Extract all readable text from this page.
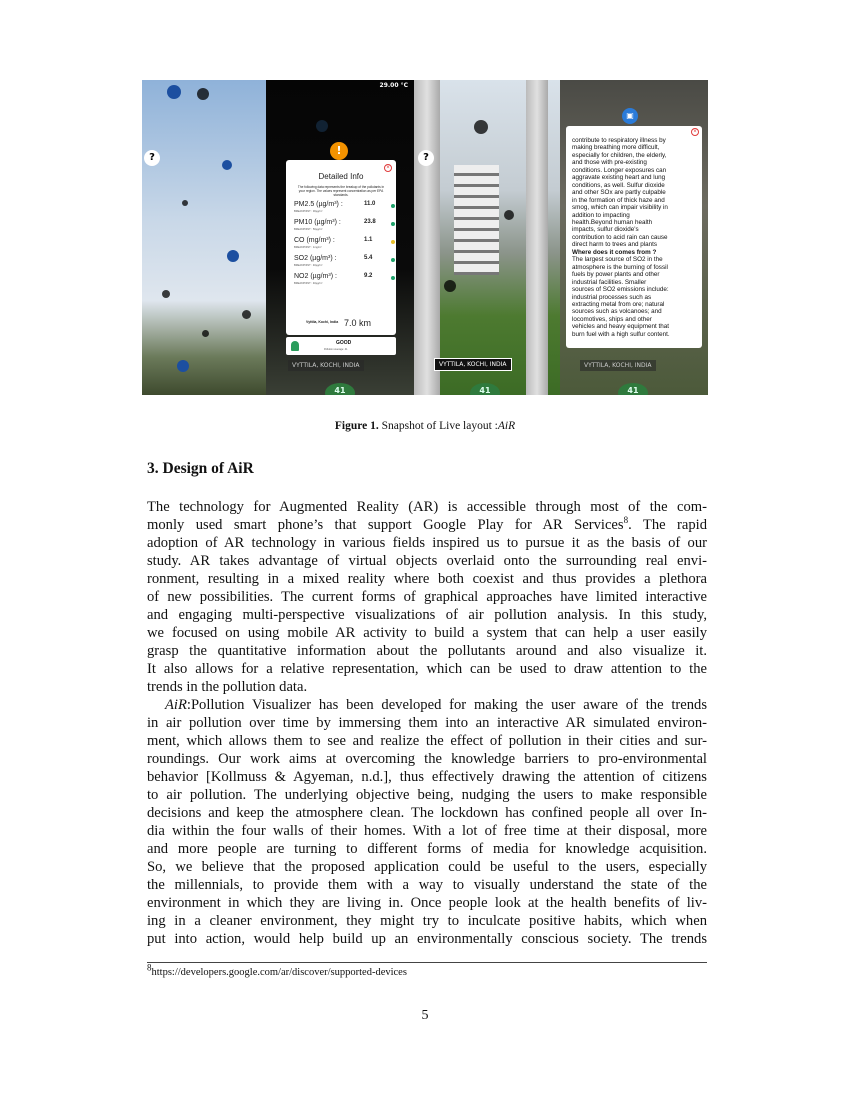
?
29.00 °C
×
Detailed Info
The following data represents the breakup of the pollutants in your region. The values represent concentration as per EPA standards.
PM2.5 (µg/m³) :
BREAKPOINT : 30µg/m³
11.0
PM10 (µg/m³) :
BREAKPOINT : 50µg/m³
23.8
CO (mg/m³) :
BREAKPOINT : 1mg/m³
1.1
SO2 (µg/m³) :
BREAKPOINT : 40µg/m³
5.4
NO2 (µg/m³) :
BREAKPOINT : 40µg/m³
9.2
Vyttila, Kochi, India 7.0 km
!
GOOD
Pollution average: 41
VYTTILA, KOCHI, INDIA
41
?
VYTTILA, KOCHI, INDIA
41
×
contribute to respiratory illness by
making breathing more difficult,
especially for children, the elderly,
and those with pre-existing
conditions. Longer exposures can
aggravate existing heart and lung
conditions, as well. Sulfur dioxide
and other SOx are partly culpable
in the formation of thick haze and
smog, which can impair visibility in
addition to impacting
health.Beyond human health
impacts, sulfur dioxide's
contribution to acid rain can cause
direct harm to trees and plants
Where does it comes from ?
The largest source of SO2 in the
atmosphere is the burning of fossil
fuels by power plants and other
industrial facilities. Smaller
sources of SO2 emissions include:
industrial processes such as
extracting metal from ore; natural
sources such as volcanoes; and
locomotives, ships and other
vehicles and heavy equipment that
burn fuel with a high sulfur content.
▣
VYTTILA, KOCHI, INDIA
41
Figure 1. Snapshot of Live layout :AiR
3. Design of AiR
The technology for Augmented Reality (AR) is accessible through most of the com-
monly used smart phone’s that support Google Play for AR Services$^8$. The rapid
adoption of AR technology in various fields inspired us to pursue it as the basis of our
study. AR takes advantage of virtual objects overlaid onto the surrounding real envi-
ronment, resulting in a mixed reality where both coexist and thus provides a plethora
of new possibilities. The current forms of graphical approaches have limited interactive
and engaging multi-perspective visualizations of air pollution analysis. In this study,
we focused on using mobile AR activity to build a system that can help a user easily
grasp the quantitative information about the pollutants around and also visualize it.
It also allows for a relative representation, which can be used to draw attention to the
trends in the pollution data.
AiR:Pollution Visualizer has been developed for making the user aware of the trends
in air pollution over time by immersing them into an interactive AR simulated environ-
ment, which allows them to see and realize the effect of pollution in their cities and sur-
roundings. Our work aims at overcoming the knowledge barriers to pro-environmental
behavior [Kollmuss & Agyeman, n.d.], thus effectively drawing the attention of citizens
to air pollution. The underlying objective being, nudging the users to make responsible
decisions and keep the atmosphere clean. The lockdown has confined people all over In-
dia within the four walls of their homes. With a lot of free time at their disposal, more
and more people are turning to different forms of media for knowledge acquisition.
So, we believe that the proposed application could be useful to the users, especially
the millennials, to provide them with a way to visually understand the state of the
environment in which they are living in. Once people look at the health benefits of liv-
ing in a cleaner environment, they might try to inculcate positive habits, which when
put into action, would help build up an environmentally conscious society. The trends
$^8$https://developers.google.com/ar/discover/supported-devices
5
